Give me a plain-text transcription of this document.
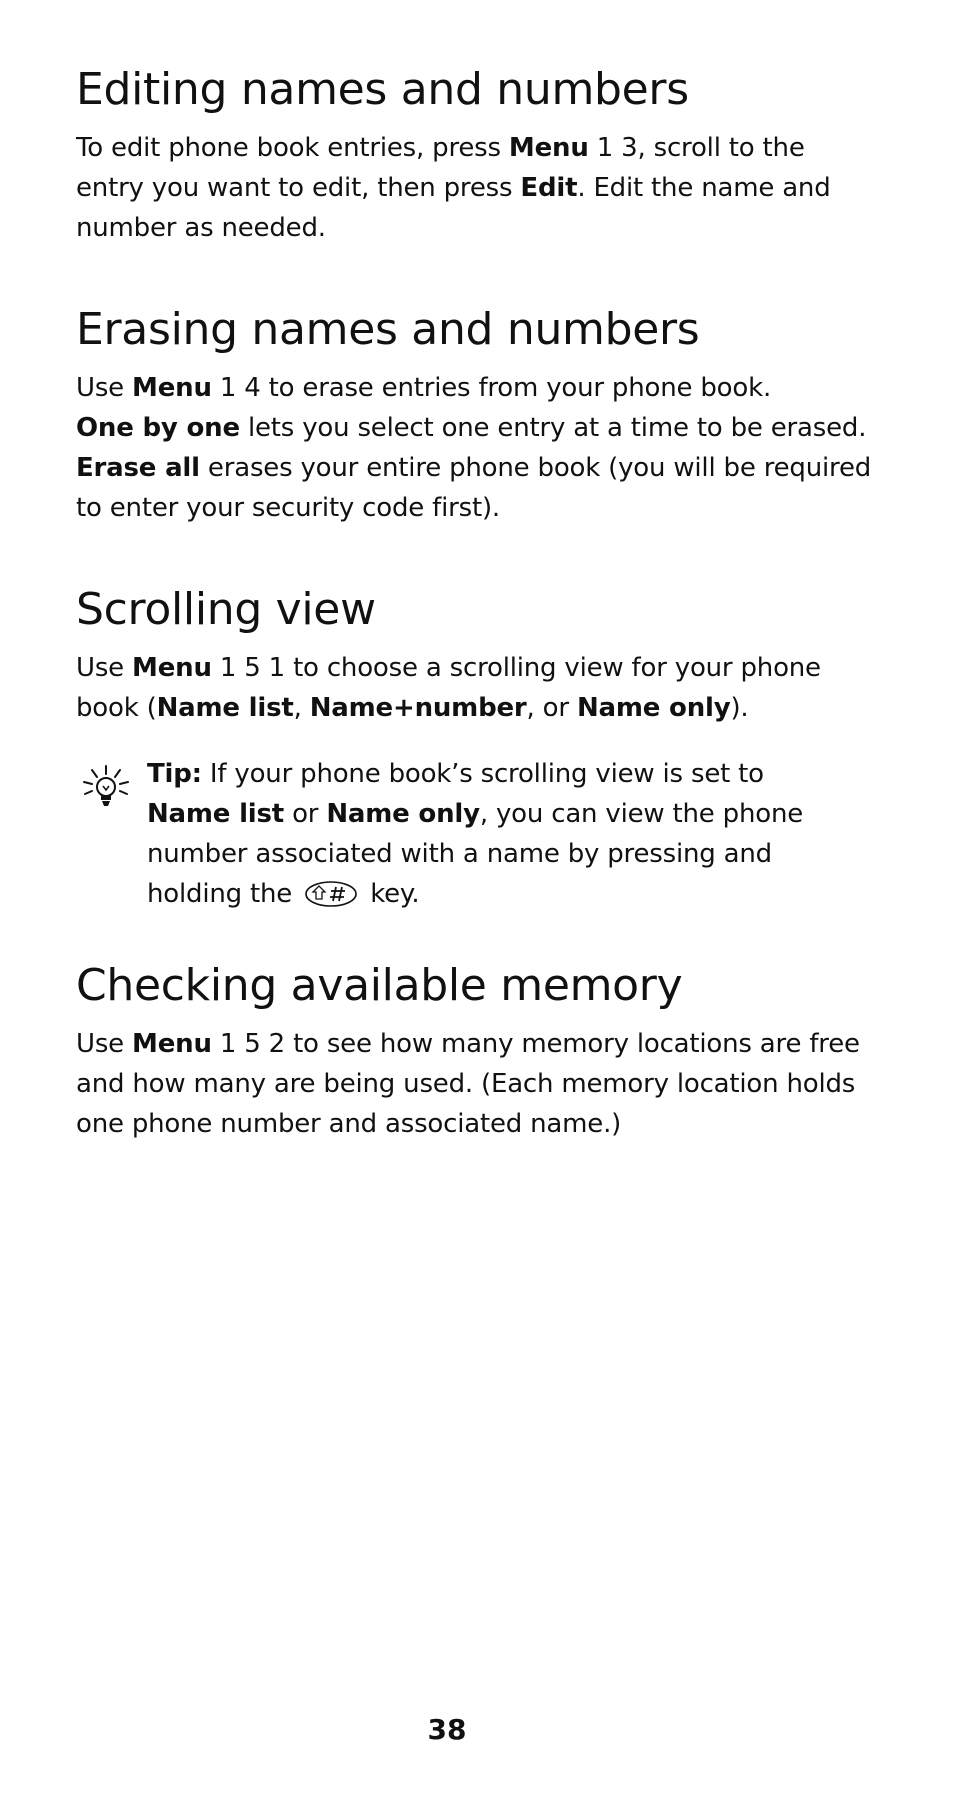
Editing names and numbers

To edit phone book entries, press Menu 1 3, scroll to the
entry you want to edit, then press Edit. Edit the name and
number as needed.

Erasing names and numbers

Use Menu 1 4 to erase entries from your phone book.
One by one lets you select one entry at a time to be erased.
Erase all erases your entire phone book (you will be required
to enter your security code first).

Scrolling view

Use Menu 1 5 1 to choose a scrolling view for your phone
book (Name list, Name+number, or Name only).

Tip: If your phone book’s scrolling view is set to
Name list or Name only, you can view the phone
number associated with a name by pressing and
holding the  key.
Checking available memory

Use Menu 1 5 2 to see how many memory locations are free
and how many are being used. (Each memory location holds
one phone number and associated name.)

38
